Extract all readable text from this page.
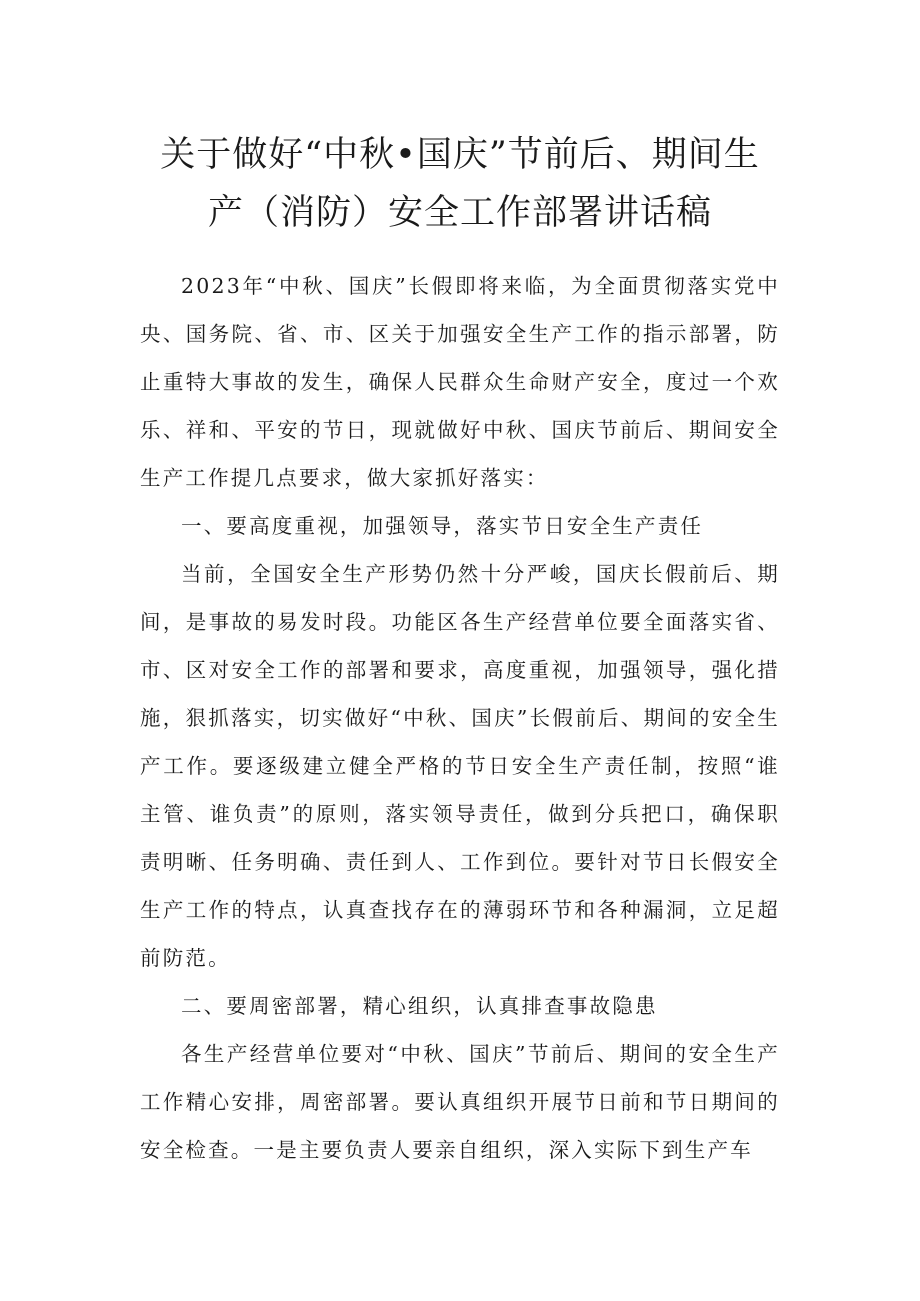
关于做好“中秋•国庆”节前后、期间生
产（消防）安全工作部署讲话稿

2023年“中秋、国庆”长假即将来临，为全面贯彻落实党中央、国务院、省、市、区关于加强安全生产工作的指示部署，防止重特大事故的发生，确保人民群众生命财产安全，度过一个欢乐、祥和、平安的节日，现就做好中秋、国庆节前后、期间安全生产工作提几点要求，做大家抓好落实：

一、要高度重视，加强领导，落实节日安全生产责任

当前，全国安全生产形势仍然十分严峻，国庆长假前后、期间，是事故的易发时段。功能区各生产经营单位要全面落实省、市、区对安全工作的部署和要求，高度重视，加强领导，强化措施，狠抓落实，切实做好“中秋、国庆”长假前后、期间的安全生产工作。要逐级建立健全严格的节日安全生产责任制，按照“谁主管、谁负责”的原则，落实领导责任，做到分兵把口，确保职责明晰、任务明确、责任到人、工作到位。要针对节日长假安全生产工作的特点，认真查找存在的薄弱环节和各种漏洞，立足超前防范。

二、要周密部署，精心组织，认真排查事故隐患

各生产经营单位要对“中秋、国庆”节前后、期间的安全生产工作精心安排，周密部署。要认真组织开展节日前和节日期间的安全检查。一是主要负责人要亲自组织，深入实际下到生产车
